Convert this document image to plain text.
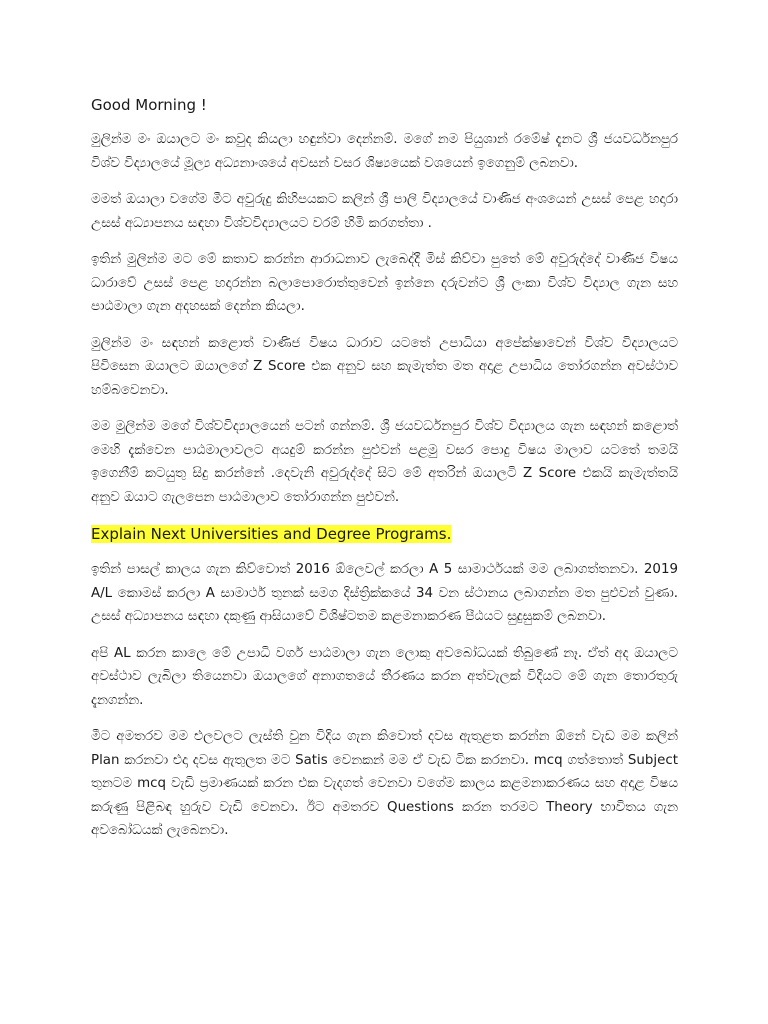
Good Morning !

මුලින්ම මං ඔයාලට මං කවුද කියලා හඳුන්වා දෙන්නම්. මගේ නම පියුශාන් රමේෂ් දැනට ශ්‍රී ජයවර්ධනපුර විශ්ව විද්‍යාලයේ මූල්‍ය අධ්‍යනාංශයේ අවසන් වසර ශිෂ්‍යයෙක් වශයෙන් ඉගෙනුම් ලබනවා.

මමත් ඔයාලා වගේම මීට අවුරුදු කිහිපයකට කලින් ශ්‍රී පාලි විද්‍යාලයේ වාණිජ අංශයෙන් උසස් පෙළ හදාරා උසස් අධ්‍යාපනය සඳහා විශ්වවිද්‍යාලයට වරම් හිමි කරගත්තා .

ඉතින් මුලින්ම මට මේ කතාව කරන්න ආරාධනාව ලැබෙද්දී මිස් කිව්වා පුතේ මේ අවුරුද්දේ වාණිජ විෂය ධාරාවේ උසස් පෙළ හදාරන්න බලාපොරොත්තුවෙන් ඉන්නෙ දරුවන්ට ශ්‍රී ලංකා විශ්ව විද්‍යාල ගැන සහ පාඨමාලා ගැන අදහසක් දෙන්න කියලා.

මුලින්ම මං සඳහන් කළොත් වාණිජ විෂය ධාරාව යටතේ උපාධියා අපේක්ෂාවෙන් විශ්ව විද්‍යාලයට පිවිසෙන ඔයාලට ඔයාලගේ Z Score එක අනුව සහ කැමැත්ත මත අදාළ උපාධිය තෝරගන්න අවස්ථාව හම්බවෙනවා.

මම මුලින්ම මගේ විශ්වවිද්‍යාලයෙන් පටන් ගන්නම්. ශ්‍රී ජයවර්ධනපුර විශ්ව විද්‍යාලය ගැන සඳහන් කළොත් මෙහි දැක්වෙන පාඨමාලාවලට අයදුම් කරන්න පුළුවන් පළමු වසර පොදු විෂය මාලාව යටතේ තමයි ඉගෙනීම් කටයුතු සිදු කරන්නේ .දෙවැනි අවුරුද්දේ සිට මේ අතරින් ඔයාලටි Z Score එකයි කැමැත්තයි අනුව ඔයාට ගැලපෙන පාඨමාලාව තෝරාගන්න පුළුවන්.

Explain Next Universities and Degree Programs.

ඉතින් පාසල් කාලය ගැන කිව්වොත් 2016 ඕලෙවල් කරලා A 5 සාමාර්ථයක් මම ලබාගත්තනවා. 2019 A/L කොමස් කරලා A සාමාර්ථ තුනක් සමග දිස්ත්‍රික්කයේ 34 වන ස්ථානය ලබාගන්න මත පුළුවන් වුණා. උසස් අධ්‍යාපනය සඳහා දකුණු ආසියාවේ විශිෂ්ටතම කළමනාකරණ පීඨයට සුදුසුකම් ලබනවා.

අපි AL කරන කාලෙ මේ උපාධි වර්ග පාඨමාලා ගැන ලොකු අවබෝධයක් තිබුණේ නෑ. ඒත් අද ඔයාලට අවස්ථාව ලැබිලා තියෙනවා ඔයාලගේ අනාගතයේ තීරණය කරන අත්වැලක් විදියට මේ ගැන තොරතුරු දැනගන්න.

මීට අමතරව මම එලවලට ලැස්ති වුන විදිය ගැන කිවොත් දවස ඇතුළත කරන්න ඕනේ වැඩ මම කලින් Plan කරනවා එදා දවස ඇතුලත මට Satis වෙනකන් මම ඒ වැඩ ටික කරනවා. mcq ගත්තොත් Subject තුනටම mcq වැඩි ප්‍රමාණයක් කරන එක වැදගත් වෙනවා වගේම කාලය කළමනාකරණය සහ අදාළ විෂය කරුණු පිළිබඳ හුරුව වැඩි වෙනවා. ඊට අමතරව Questions කරන තරමට Theory භාවිතය ගැන අවබෝධයක් ලැබෙනවා.
